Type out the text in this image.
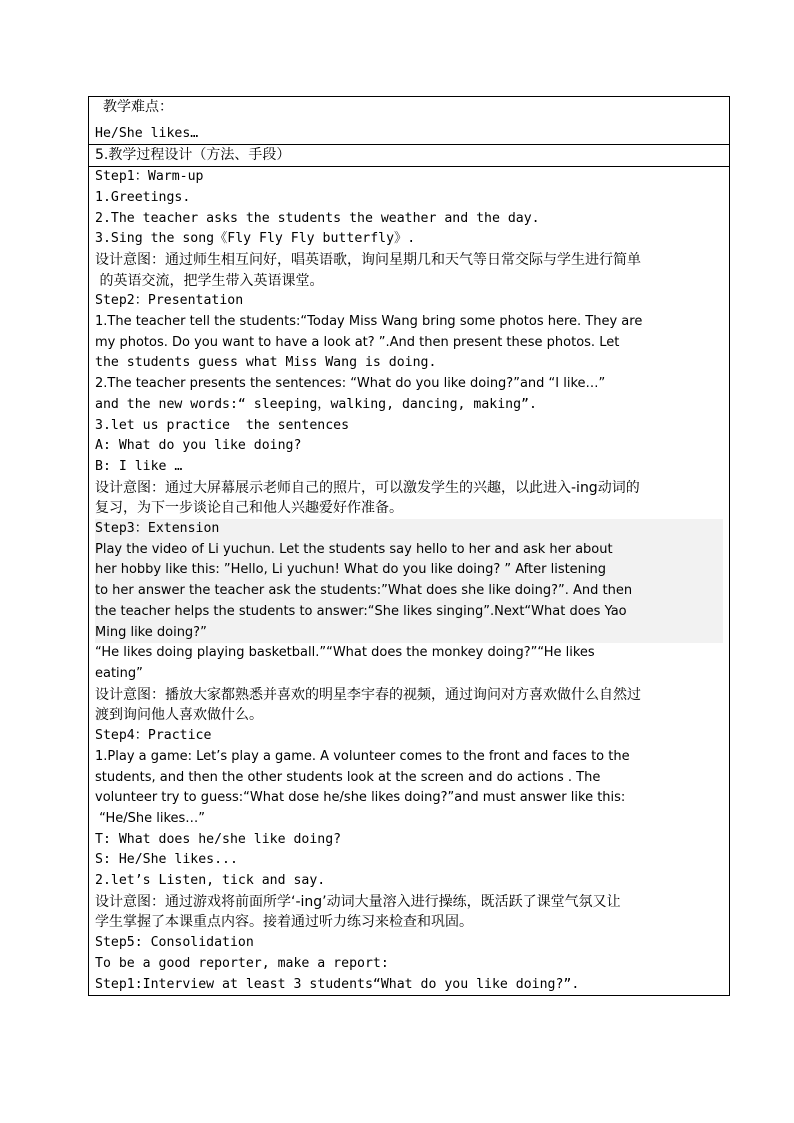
教学难点：
He/She likes…

5.教学过程设计（方法、手段）

Step1：Warm-up
1.Greetings.
2.The teacher asks the students the weather and the day.
3.Sing the song《Fly Fly Fly butterfly》.
设计意图：通过师生相互问好，唱英语歌，询问星期几和天气等日常交际与学生进行简单
的英语交流，把学生带入英语课堂。
Step2：Presentation
1.The teacher tell the students:“Today Miss Wang bring some photos here. They are
my photos. Do you want to have a look at? ”.And then present these photos. Let
the students guess what Miss Wang is doing.
2.The teacher presents the sentences: “What do you like doing?”and “I like…”
and the new words:“ sleeping，walking, dancing, making”.
3.let us practice  the sentences
A: What do you like doing?
B: I like …
设计意图：通过大屏幕展示老师自己的照片，可以激发学生的兴趣，以此进入-ing动词的
复习，为下一步谈论自己和他人兴趣爱好作准备。
Step3：Extension
Play the video of Li yuchun. Let the students say hello to her and ask her about
her hobby like this: ”Hello, Li yuchun! What do you like doing? ” After listening
to her answer the teacher ask the students:”What does she like doing?”. And then
the teacher helps the students to answer:“She likes singing”.Next“What does Yao
Ming like doing?”
“He likes doing playing basketball.”“What does the monkey doing?”“He likes
eating”
设计意图：播放大家都熟悉并喜欢的明星李宇春的视频，通过询问对方喜欢做什么自然过
渡到询问他人喜欢做什么。
Step4：Practice
1.Play a game: Let’s play a game. A volunteer comes to the front and faces to the
students, and then the other students look at the screen and do actions . The
volunteer try to guess:“What dose he/she likes doing?”and must answer like this:
“He/She likes…”
T: What does he/she like doing?
S: He/She likes...
2.let’s Listen, tick and say.
设计意图：通过游戏将前面所学‘-ing’动词大量溶入进行操练，既活跃了课堂气氛又让
学生掌握了本课重点内容。接着通过听力练习来检查和巩固。
Step5: Consolidation
To be a good reporter, make a report:
Step1:Interview at least 3 students“What do you like doing?”.
